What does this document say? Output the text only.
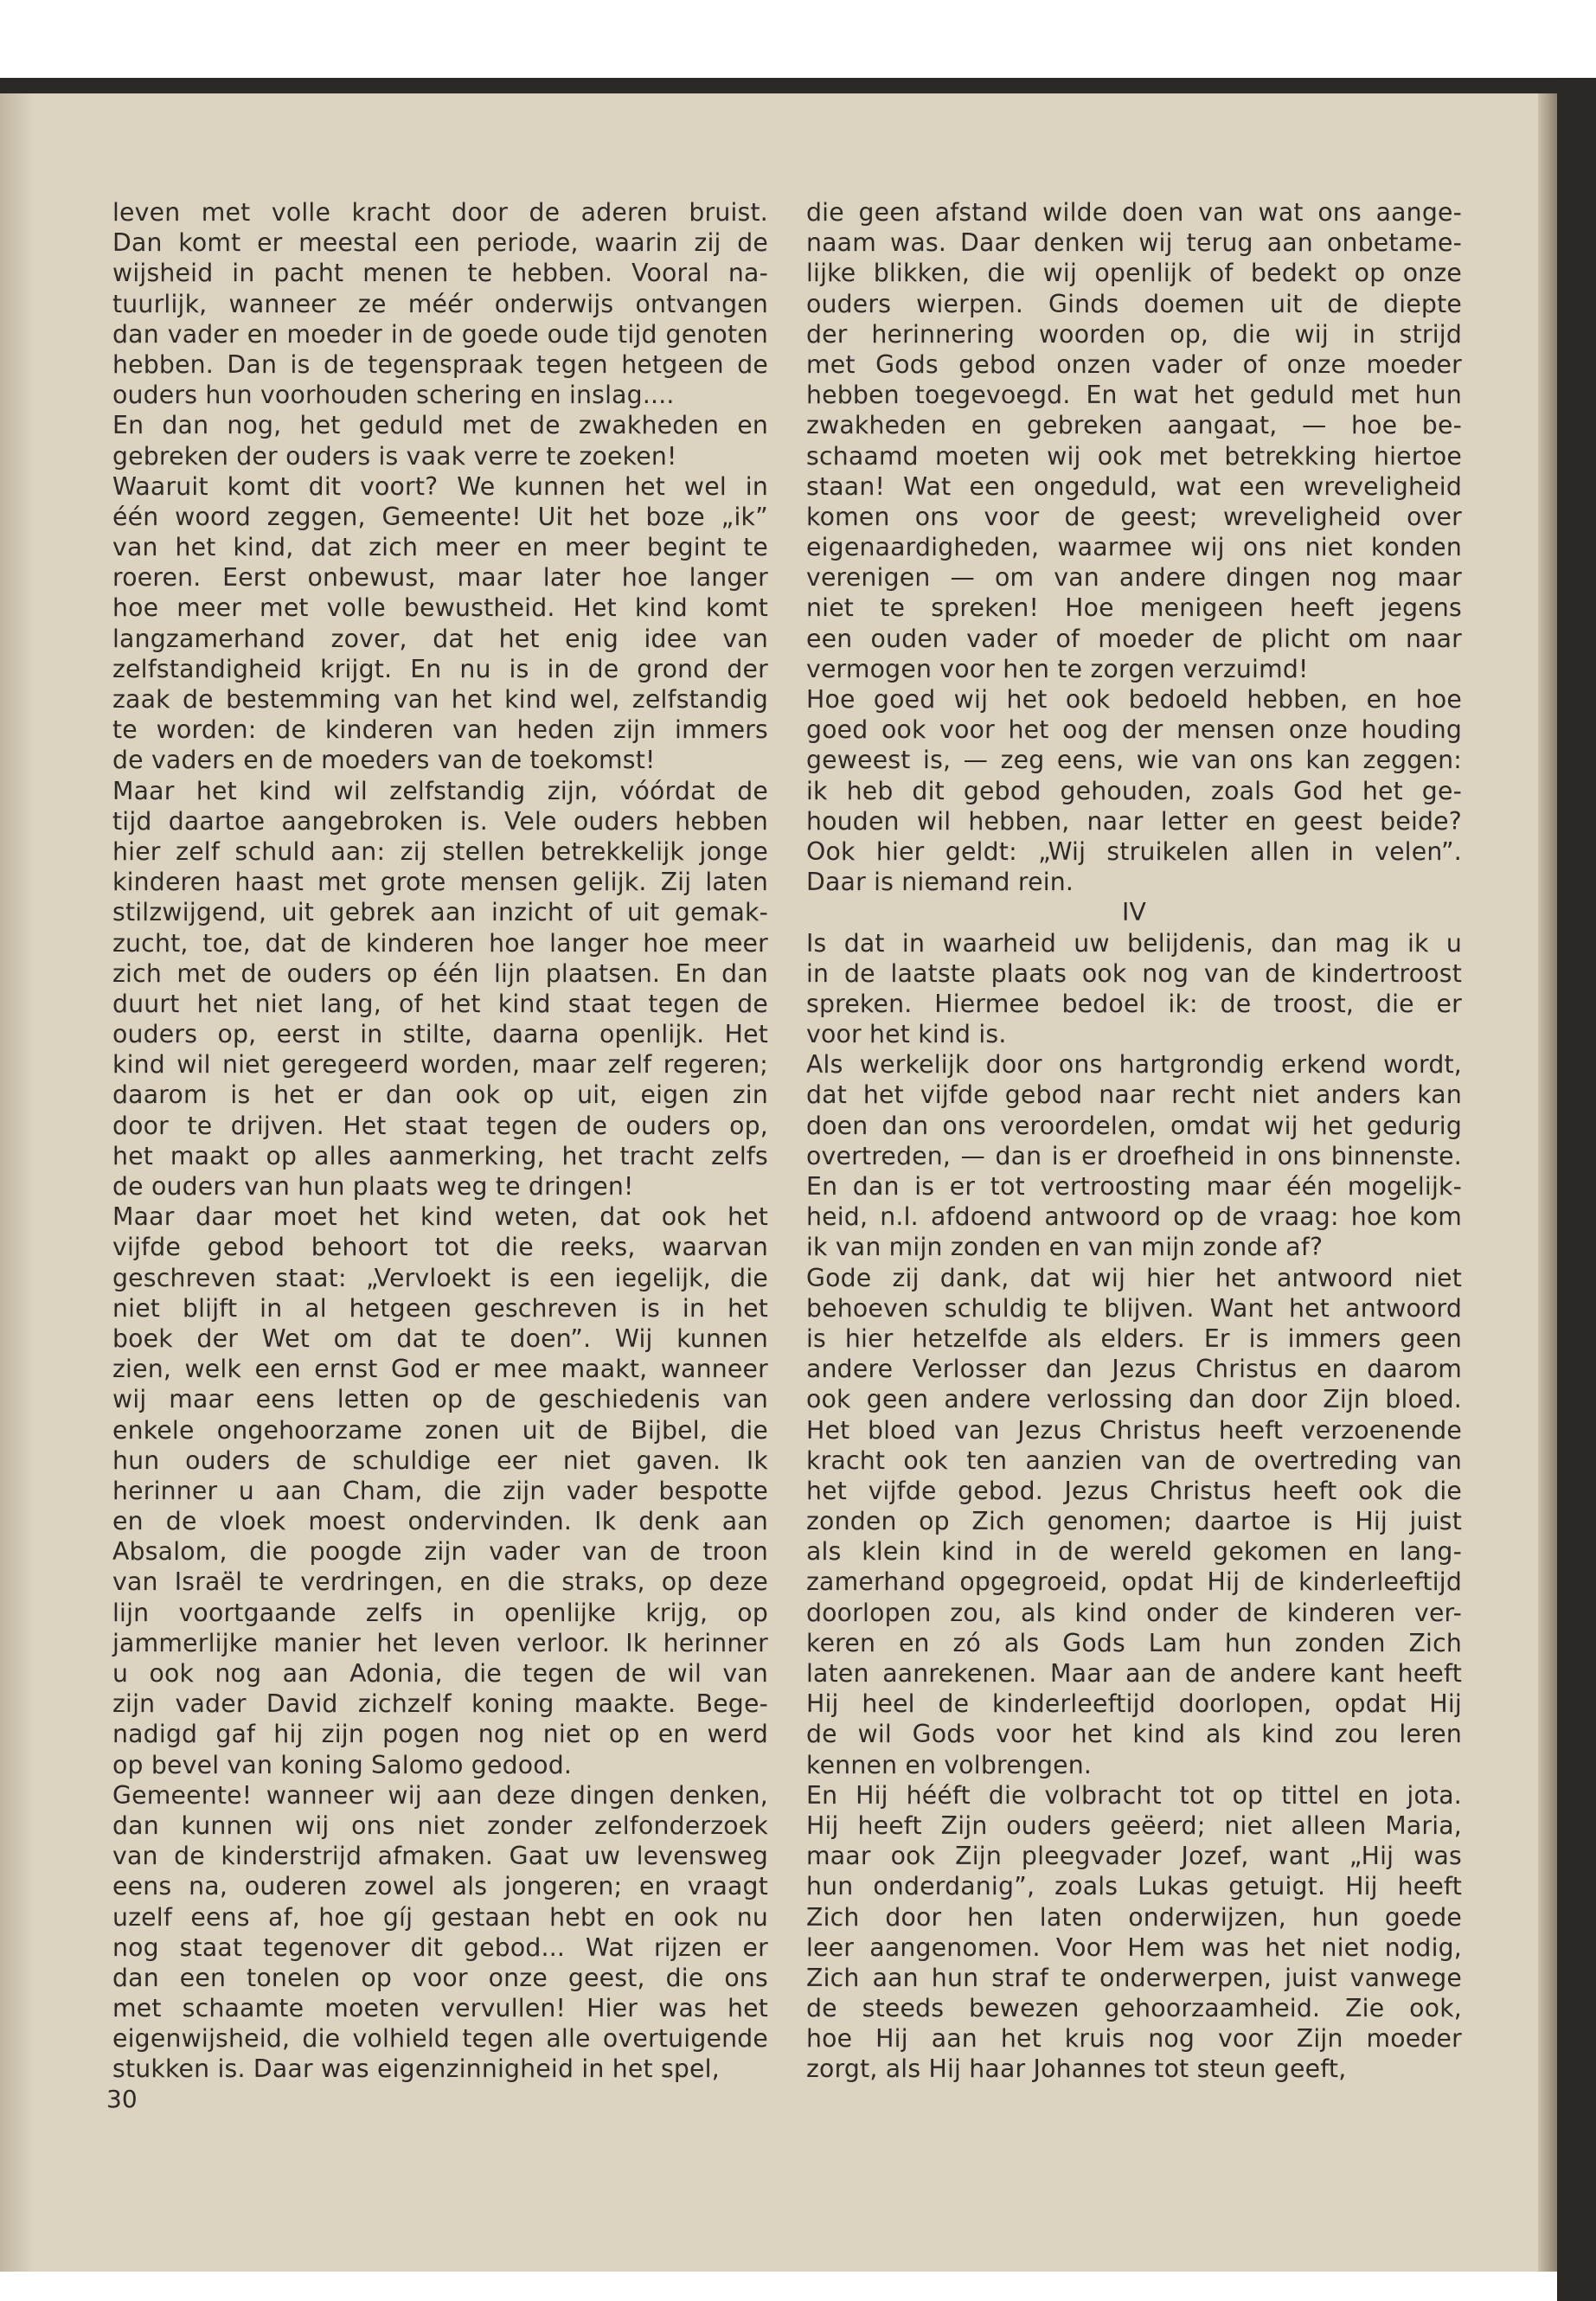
leven met volle kracht door de aderen bruist.
Dan komt er meestal een periode, waarin zij de
wijsheid in pacht menen te hebben. Vooral na-
tuurlijk, wanneer ze méér onderwijs ontvangen
dan vader en moeder in de goede oude tijd genoten
hebben. Dan is de tegenspraak tegen hetgeen de
ouders hun voorhouden schering en inslag....
En dan nog, het geduld met de zwakheden en
gebreken der ouders is vaak verre te zoeken!
Waaruit komt dit voort? We kunnen het wel in
één woord zeggen, Gemeente! Uit het boze „ik”
van het kind, dat zich meer en meer begint te
roeren. Eerst onbewust, maar later hoe langer
hoe meer met volle bewustheid. Het kind komt
langzamerhand zover, dat het enig idee van
zelfstandigheid krijgt. En nu is in de grond der
zaak de bestemming van het kind wel, zelfstandig
te worden: de kinderen van heden zijn immers
de vaders en de moeders van de toekomst!
Maar het kind wil zelfstandig zijn, vóórdat de
tijd daartoe aangebroken is. Vele ouders hebben
hier zelf schuld aan: zij stellen betrekkelijk jonge
kinderen haast met grote mensen gelijk. Zij laten
stilzwijgend, uit gebrek aan inzicht of uit gemak-
zucht, toe, dat de kinderen hoe langer hoe meer
zich met de ouders op één lijn plaatsen. En dan
duurt het niet lang, of het kind staat tegen de
ouders op, eerst in stilte, daarna openlijk. Het
kind wil niet geregeerd worden, maar zelf regeren;
daarom is het er dan ook op uit, eigen zin
door te drijven. Het staat tegen de ouders op,
het maakt op alles aanmerking, het tracht zelfs
de ouders van hun plaats weg te dringen!
Maar daar moet het kind weten, dat ook het
vijfde gebod behoort tot die reeks, waarvan
geschreven staat: „Vervloekt is een iegelijk, die
niet blijft in al hetgeen geschreven is in het
boek der Wet om dat te doen”. Wij kunnen
zien, welk een ernst God er mee maakt, wanneer
wij maar eens letten op de geschiedenis van
enkele ongehoorzame zonen uit de Bijbel, die
hun ouders de schuldige eer niet gaven. Ik
herinner u aan Cham, die zijn vader bespotte
en de vloek moest ondervinden. Ik denk aan
Absalom, die poogde zijn vader van de troon
van Israël te verdringen, en die straks, op deze
lijn voortgaande zelfs in openlijke krijg, op
jammerlijke manier het leven verloor. Ik herinner
u ook nog aan Adonia, die tegen de wil van
zijn vader David zichzelf koning maakte. Bege-
nadigd gaf hij zijn pogen nog niet op en werd
op bevel van koning Salomo gedood.
Gemeente! wanneer wij aan deze dingen denken,
dan kunnen wij ons niet zonder zelfonderzoek
van de kinderstrijd afmaken. Gaat uw levensweg
eens na, ouderen zowel als jongeren; en vraagt
uzelf eens af, hoe gíj gestaan hebt en ook nu
nog staat tegenover dit gebod... Wat rijzen er
dan een tonelen op voor onze geest, die ons
met schaamte moeten vervullen! Hier was het
eigenwijsheid, die volhield tegen alle overtuigende
stukken is. Daar was eigenzinnigheid in het spel,
die geen afstand wilde doen van wat ons aange-
naam was. Daar denken wij terug aan onbetame-
lijke blikken, die wij openlijk of bedekt op onze
ouders wierpen. Ginds doemen uit de diepte
der herinnering woorden op, die wij in strijd
met Gods gebod onzen vader of onze moeder
hebben toegevoegd. En wat het geduld met hun
zwakheden en gebreken aangaat, — hoe be-
schaamd moeten wij ook met betrekking hiertoe
staan! Wat een ongeduld, wat een wreveligheid
komen ons voor de geest; wreveligheid over
eigenaardigheden, waarmee wij ons niet konden
verenigen — om van andere dingen nog maar
niet te spreken! Hoe menigeen heeft jegens
een ouden vader of moeder de plicht om naar
vermogen voor hen te zorgen verzuimd!
Hoe goed wij het ook bedoeld hebben, en hoe
goed ook voor het oog der mensen onze houding
geweest is, — zeg eens, wie van ons kan zeggen:
ik heb dit gebod gehouden, zoals God het ge-
houden wil hebben, naar letter en geest beide?
Ook hier geldt: „Wij struikelen allen in velen”.
Daar is niemand rein.
IV
Is dat in waarheid uw belijdenis, dan mag ik u
in de laatste plaats ook nog van de kindertroost
spreken. Hiermee bedoel ik: de troost, die er
voor het kind is.
Als werkelijk door ons hartgrondig erkend wordt,
dat het vijfde gebod naar recht niet anders kan
doen dan ons veroordelen, omdat wij het gedurig
overtreden, — dan is er droefheid in ons binnenste.
En dan is er tot vertroosting maar één mogelijk-
heid, n.l. afdoend antwoord op de vraag: hoe kom
ik van mijn zonden en van mijn zonde af?
Gode zij dank, dat wij hier het antwoord niet
behoeven schuldig te blijven. Want het antwoord
is hier hetzelfde als elders. Er is immers geen
andere Verlosser dan Jezus Christus en daarom
ook geen andere verlossing dan door Zijn bloed.
Het bloed van Jezus Christus heeft verzoenende
kracht ook ten aanzien van de overtreding van
het vijfde gebod. Jezus Christus heeft ook die
zonden op Zich genomen; daartoe is Hij juist
als klein kind in de wereld gekomen en lang-
zamerhand opgegroeid, opdat Hij de kinderleeftijd
doorlopen zou, als kind onder de kinderen ver-
keren en zó als Gods Lam hun zonden Zich
laten aanrekenen. Maar aan de andere kant heeft
Hij heel de kinderleeftijd doorlopen, opdat Hij
de wil Gods voor het kind als kind zou leren
kennen en volbrengen.
En Hij hééft die volbracht tot op tittel en jota.
Hij heeft Zijn ouders geëerd; niet alleen Maria,
maar ook Zijn pleegvader Jozef, want „Hij was
hun onderdanig”, zoals Lukas getuigt. Hij heeft
Zich door hen laten onderwijzen, hun goede
leer aangenomen. Voor Hem was het niet nodig,
Zich aan hun straf te onderwerpen, juist vanwege
de steeds bewezen gehoorzaamheid. Zie ook,
hoe Hij aan het kruis nog voor Zijn moeder
zorgt, als Hij haar Johannes tot steun geeft,
30
